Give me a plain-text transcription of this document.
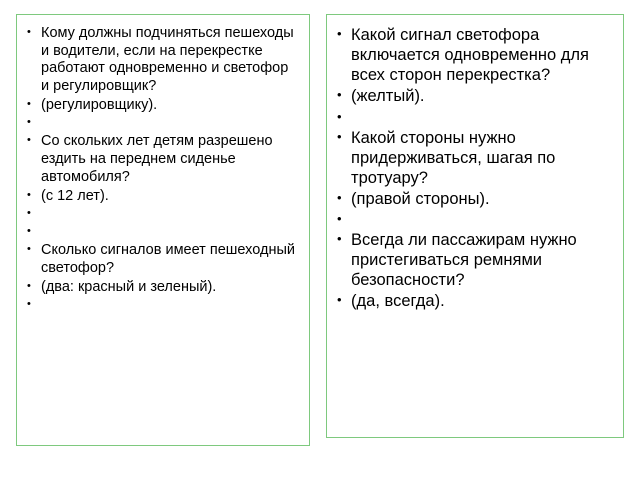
• Кому должны подчиняться пешеходы и водители, если на перекрестке работают одновременно и светофор и регулировщик?
• (регулировщику).
•
• Со скольких лет детям разрешено ездить на переднем сиденье автомобиля?
• (с 12 лет).
•
•
• Сколько сигналов имеет пешеходный светофор?
• (два: красный и зеленый).
•
• Какой сигнал светофора включается одновременно для всех сторон перекрестка?
• (желтый).
•
• Какой стороны нужно придерживаться, шагая по тротуару?
• (правой стороны).
•
• Всегда ли пассажирам нужно пристегиваться ремнями безопасности?
• (да, всегда).
